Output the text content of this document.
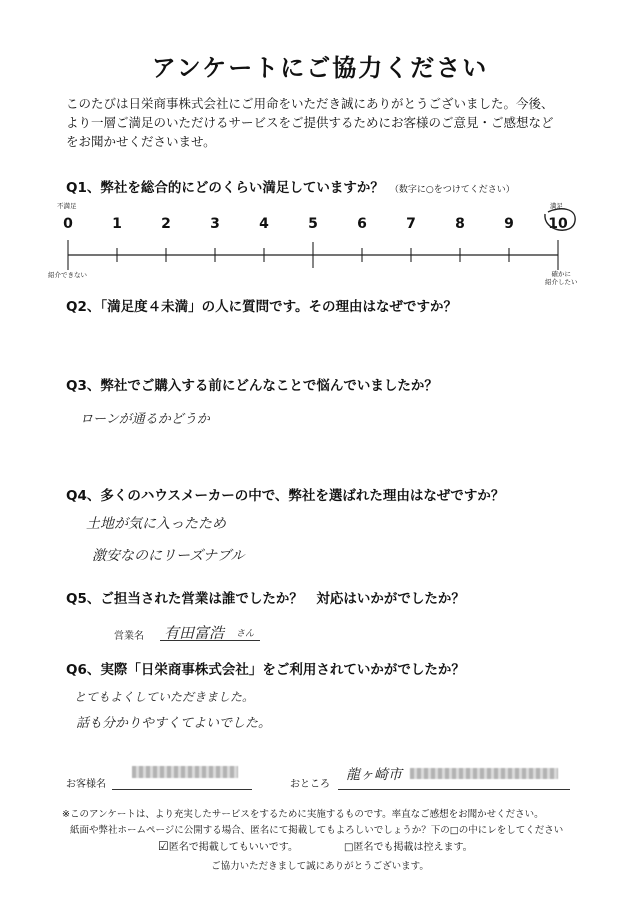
アンケートにご協力ください
このたびは日栄商事株式会社にご用命をいただき誠にありがとうございました。今後、
より一層ご満足のいただけるサービスをご提供するためにお客様のご意見・ご感想など
をお聞かせくださいませ。
Q1、弊社を総合的にどのくらい満足していますか？ （数字に○をつけてください）
不満足	満足
0	1	2	3	4	5	6	7	8	9 10
紹介できない	確かに
紹介したい
Q2、「満足度４未満」の人に質問です。その理由はなぜですか？
Q3、弊社でご購入する前にどんなことで悩んでいましたか？
ローンが通るかどうか
Q4、多くのハウスメーカーの中で、弊社を選ばれた理由はなぜですか？
土地が気に入ったため
激安なのにリーズナブル
Q5、ご担当された営業は誰でしたか？　対応はいかがでしたか？
営業名 有田富浩 さん
Q6、実際「日栄商事株式会社」をご利用されていかがでしたか？
とてもよくしていただきました。
話も分かりやすくてよいでした。
お客様名	おところ
龍ヶ崎市
※このアンケートは、より充実したサービスをするために実施するものです。率直なご感想をお聞かせください。
紙面や弊社ホームページに公開する場合、匿名にて掲載してもよろしいでしょうか？下の□の中にレをしてください
☑匿名で掲載してもいいです。	□匿名でも掲載は控えます。
ご協力いただきまして誠にありがとうございます。
